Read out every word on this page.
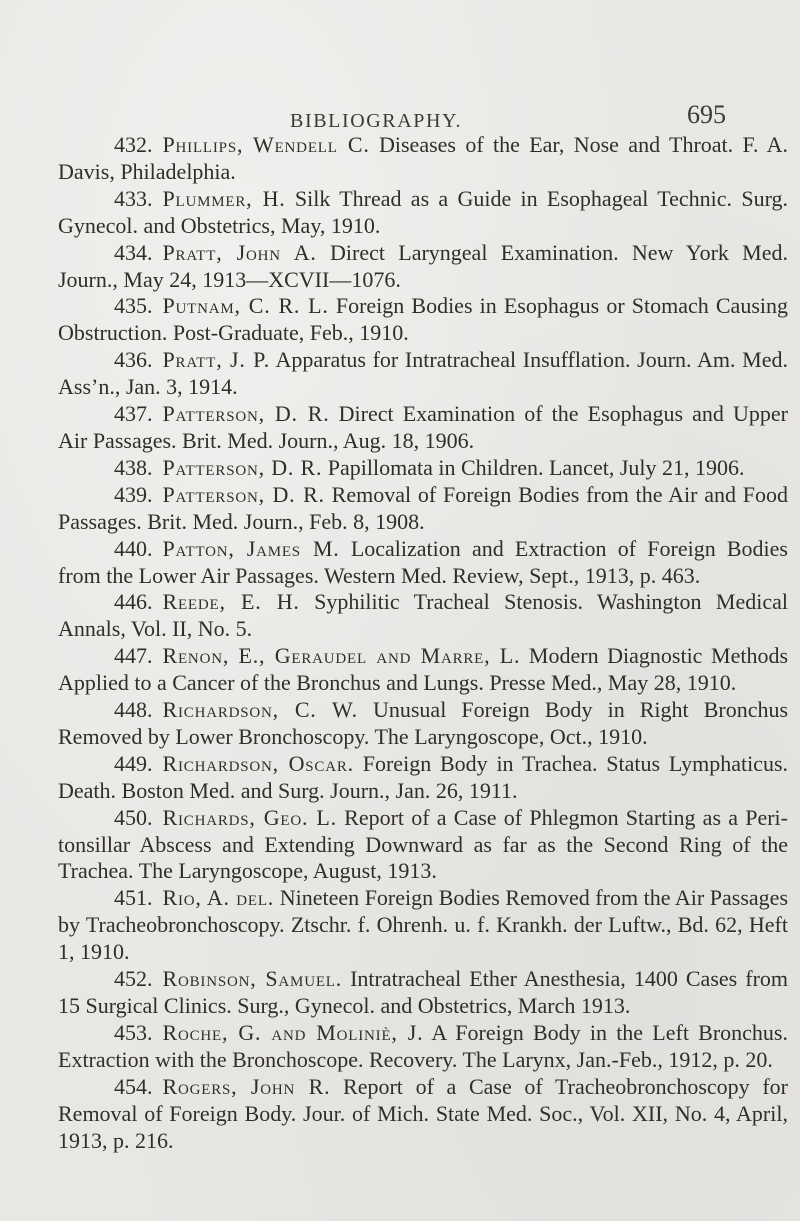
BIBLIOGRAPHY.	695

432. Phillips, Wendell C. Diseases of the Ear, Nose and Throat. F. A. Davis, Philadelphia.

433. Plummer, H. Silk Thread as a Guide in Esophageal Technic. Surg. Gynecol. and Obstetrics, May, 1910.

434. Pratt, John A. Direct Laryngeal Examination. New York Med. Journ., May 24, 1913—XCVII—1076.

435. Putnam, C. R. L. Foreign Bodies in Esophagus or Stomach Causing Obstruction. Post-Graduate, Feb., 1910.

436. Pratt, J. P. Apparatus for Intratracheal Insufflation. Journ. Am. Med. Ass’n., Jan. 3, 1914.

437. Patterson, D. R. Direct Examination of the Esophagus and Upper Air Passages. Brit. Med. Journ., Aug. 18, 1906.

438. Patterson, D. R. Papillomata in Children. Lancet, July 21, 1906.

439. Patterson, D. R. Removal of Foreign Bodies from the Air and Food Passages. Brit. Med. Journ., Feb. 8, 1908.

440. Patton, James M. Localization and Extraction of Foreign Bodies from the Lower Air Passages. Western Med. Review, Sept., 1913, p. 463.

446. Reede, E. H. Syphilitic Tracheal Stenosis. Washington Medical Annals, Vol. II, No. 5.

447. Renon, E., Geraudel and Marre, L. Modern Diagnostic Methods Applied to a Cancer of the Bronchus and Lungs. Presse Med., May 28, 1910.

448. Richardson, C. W. Unusual Foreign Body in Right Bronchus Removed by Lower Bronchoscopy. The Laryngoscope, Oct., 1910.

449. Richardson, Oscar. Foreign Body in Trachea. Status Lymphaticus. Death. Boston Med. and Surg. Journ., Jan. 26, 1911.

450. Richards, Geo. L. Report of a Case of Phlegmon Starting as a Peri-tonsillar Abscess and Extending Downward as far as the Second Ring of the Trachea. The Laryngoscope, August, 1913.

451. Rio, A. del. Nineteen Foreign Bodies Removed from the Air Passages by Tracheobronchoscopy. Ztschr. f. Ohrenh. u. f. Krankh. der Luftw., Bd. 62, Heft 1, 1910.

452. Robinson, Samuel. Intratracheal Ether Anesthesia, 1400 Cases from 15 Surgical Clinics. Surg., Gynecol. and Obstetrics, March 1913.

453. Roche, G. and Moliniè, J. A Foreign Body in the Left Bronchus. Extraction with the Bronchoscope. Recovery. The Larynx, Jan.-Feb., 1912, p. 20.

454. Rogers, John R. Report of a Case of Tracheobronchoscopy for Removal of Foreign Body. Jour. of Mich. State Med. Soc., Vol. XII, No. 4, April, 1913, p. 216.
